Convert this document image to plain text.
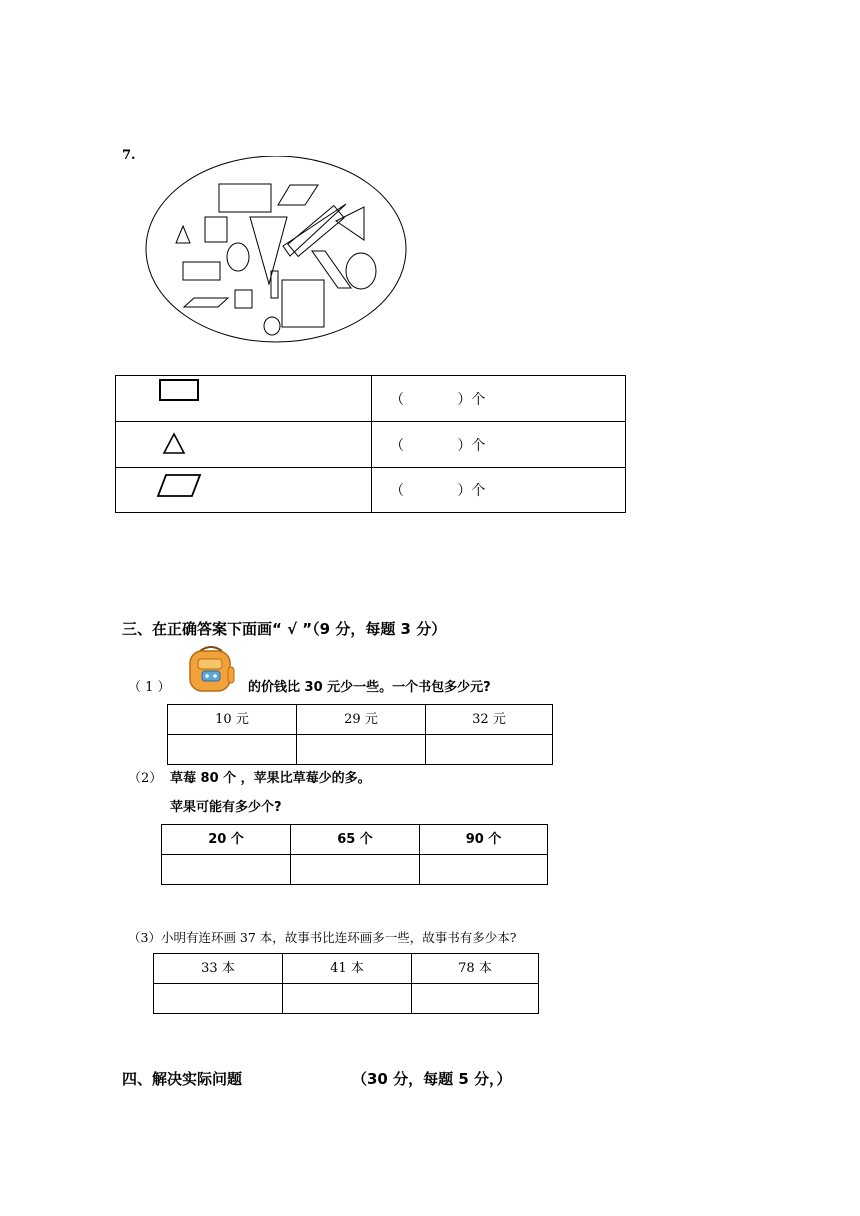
7.
	（            ）个

	（            ）个

	（            ）个
三、在正确答案下面画“ √ ”（9 分，每题 3 分）
（ 1 ）	的价钱比 30 元少一些。一个书包多少元?
10 元	29 元	32 元

（2） 草莓 80 个 ，苹果比草莓少的多。
苹果可能有多少个?
20 个	65 个	90 个

（3）小明有连环画 37 本，故事书比连环画多一些，故事书有多少本?
33 本	41 本	78 本

四、解决实际问题	（30 分，每题 5 分，）
